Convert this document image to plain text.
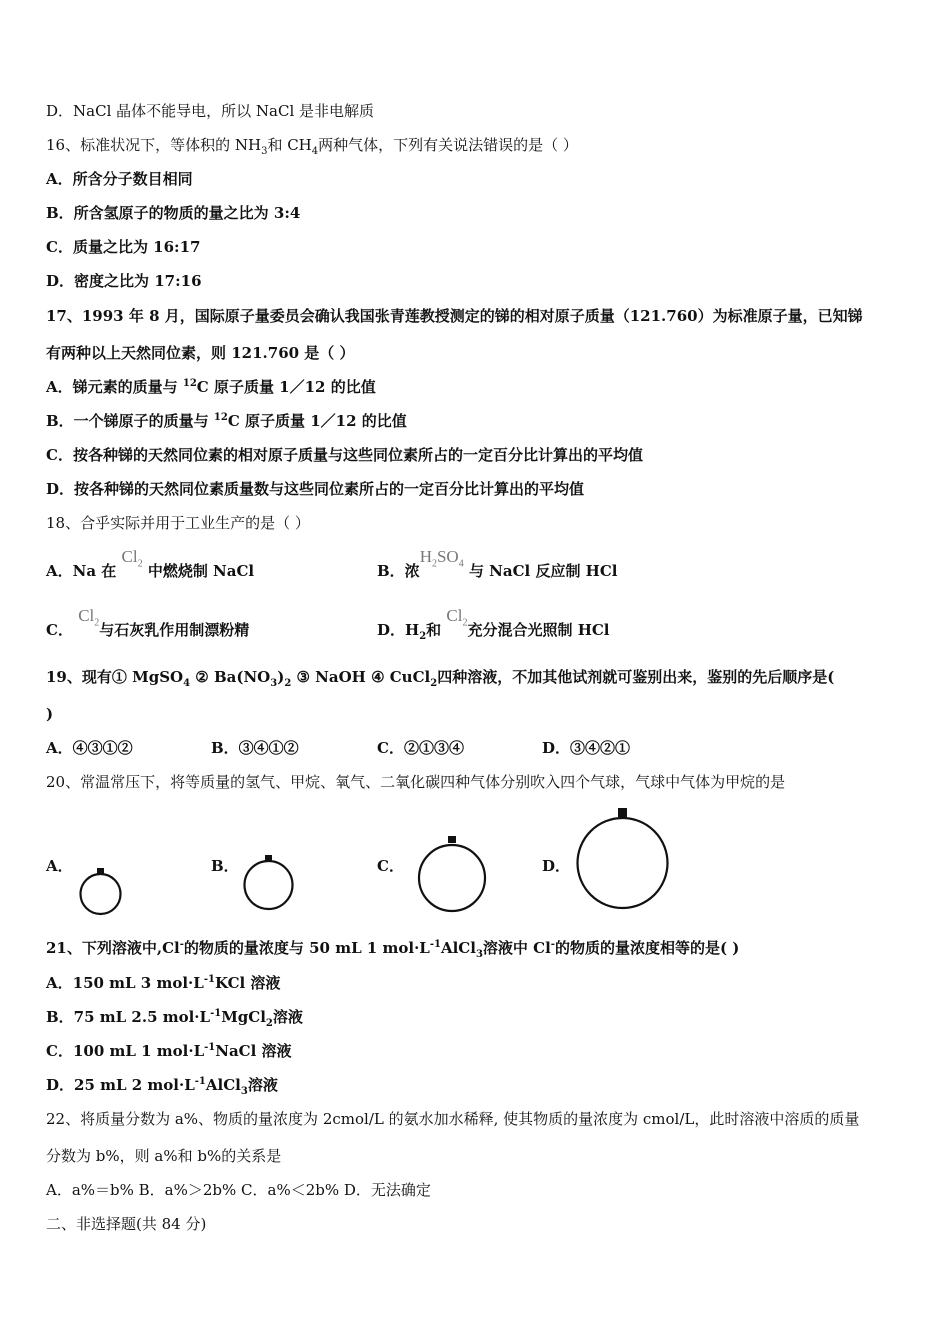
D．NaCl 晶体不能导电，所以 NaCl 是非电解质
16、标准状况下，等体积的 $NH_3$和 $CH_4$两种气体，下列有关说法错误的是（ ）
A．所含分子数目相同
B．所含氢原子的物质的量之比为 3:4
C．质量之比为 16:17
D．密度之比为 17:16
17、1993 年 8 月，国际原子量委员会确认我国张青莲教授测定的锑的相对原子质量（121.760）为标准原子量，已知锑
有两种以上天然同位素，则 121.760 是（ ）
A．锑元素的质量与 $^{12}$C 原子质量 1／12 的比值
B．一个锑原子的质量与 $^{12}$C 原子质量 1／12 的比值
C．按各种锑的天然同位素的相对原子质量与这些同位素所占的一定百分比计算出的平均值
D．按各种锑的天然同位素质量数与这些同位素所占的一定百分比计算出的平均值
18、合乎实际并用于工业生产的是（ ）
A．Na 在 $Cl_2$ 中燃烧制 NaCl	B．浓$H_2SO_4$ 与 NaCl 反应制 HCl
C． $Cl_2$与石灰乳作用制漂粉精	D．$H_2$和 $Cl_2$充分混合光照制 HCl
19、现有① MgSO$_4$ ② $Ba(NO_3)_2$ ③ NaOH ④ CuCl$_2$四种溶液，不加其他试剂就可鉴别出来，鉴别的先后顺序是(
)
A．④③①②	B．③④①②	C．②①③④	D．③④②①
20、常温常压下，将等质量的氢气、甲烷、氧气、二氧化碳四种气体分别吹入四个气球，气球中气体为甲烷的是
A．	B．	C．	D．
21、下列溶液中,Cl-的物质的量浓度与 50 mL 1 $mol\cdot L^{-1}AlCl_3$溶液中 Cl-的物质的量浓度相等的是( )
A．150 mL 3 $mol\cdot L^{-1}KCl$ 溶液
B．75 mL 2.5 $mol\cdot L^{-1}MgCl_2$溶液
C．100 mL 1 $mol\cdot L^{-1}NaCl$ 溶液
D．25 mL 2 $mol\cdot L^{-1}AlCl_3$溶液
22、将质量分数为 a%、物质的量浓度为 2cmol/L 的氨水加水稀释, 使其物质的量浓度为 cmol/L，此时溶液中溶质的质量
分数为 b%，则 a%和 b%的关系是
A．a%＝b% B．a%＞2b% C．a%＜2b% D．无法确定
二、非选择题(共 84 分)
